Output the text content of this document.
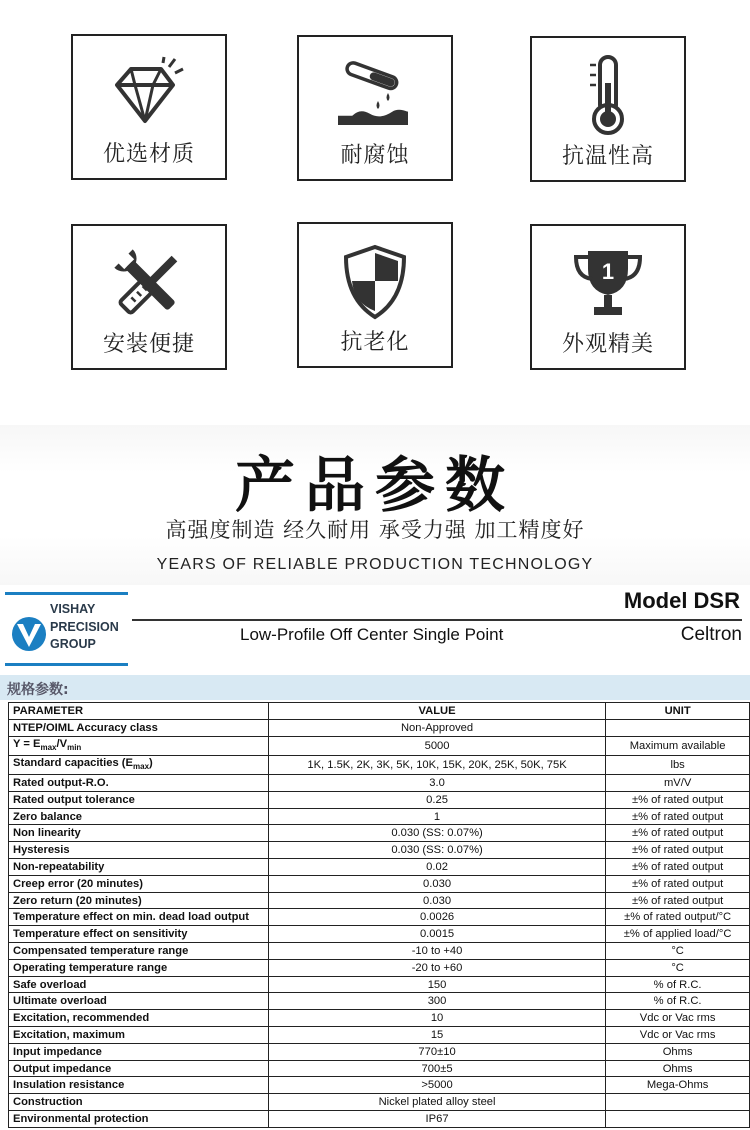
优选材质	耐腐蚀	抗温性高
安装便捷	抗老化
1
外观精美
产品参数
高强度制造 经久耐用 承受力强 加工精度好
YEARS OF RELIABLE PRODUCTION TECHNOLOGY
VISHAY
PRECISION
GROUP
Model DSR
Low-Profile Off Center Single Point	Celtron
规格参数:
PARAMETER	VALUE	UNIT
NTEP/OIML Accuracy class	Non-Approved	
$Y = E_{max}/V_{min}$	5000	Maximum available
Standard capacities $(E_{max})$	1K, 1.5K, 2K, 3K, 5K, 10K, 15K, 20K, 25K, 50K, 75K	lbs
Rated output-R.O.	3.0	mV/V
Rated output tolerance	0.25	±% of rated output
Zero balance	1	±% of rated output
Non linearity	0.030 (SS: 0.07%)	±% of rated output
Hysteresis	0.030 (SS: 0.07%)	±% of rated output
Non-repeatability	0.02	±% of rated output
Creep error (20 minutes)	0.030	±% of rated output
Zero return (20 minutes)	0.030	±% of rated output
Temperature effect on min. dead load output	0.0026	±% of rated output/°C
Temperature effect on sensitivity	0.0015	±% of applied load/°C
Compensated temperature range	-10 to +40	°C
Operating temperature range	-20 to +60	°C
Safe overload	150	% of R.C.
Ultimate overload	300	% of R.C.
Excitation, recommended	10	Vdc or Vac rms
Excitation, maximum	15	Vdc or Vac rms
Input impedance	770±10	Ohms
Output impedance	700±5	Ohms
Insulation resistance	>5000	Mega-Ohms
Construction	Nickel plated alloy steel	
Environmental protection	IP67	
